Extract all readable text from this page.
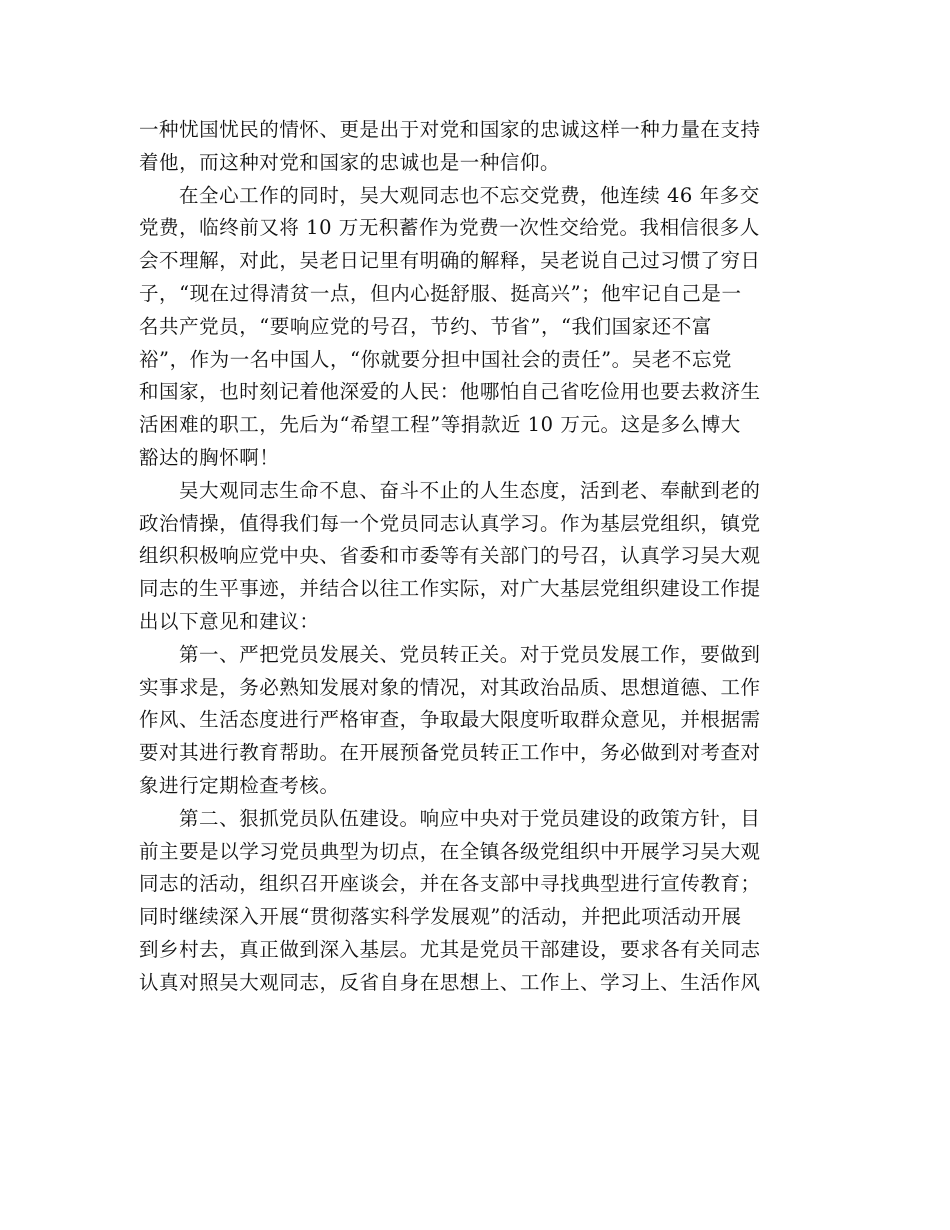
一种忧国忧民的情怀、更是出于对党和国家的忠诚这样一种力量在支持
着他，而这种对党和国家的忠诚也是一种信仰。
在全心工作的同时，吴大观同志也不忘交党费，他连续 46 年多交
党费，临终前又将 10 万无积蓄作为党费一次性交给党。我相信很多人
会不理解，对此，吴老日记里有明确的解释，吴老说自己过习惯了穷日
子，“现在过得清贫一点，但内心挺舒服、挺高兴”；他牢记自己是一
名共产党员，“要响应党的号召，节约、节省”，“我们国家还不富
裕”，作为一名中国人，“你就要分担中国社会的责任”。吴老不忘党
和国家，也时刻记着他深爱的人民：他哪怕自己省吃俭用也要去救济生
活困难的职工，先后为“希望工程”等捐款近 10 万元。这是多么博大
豁达的胸怀啊！
吴大观同志生命不息、奋斗不止的人生态度，活到老、奉献到老的
政治情操，值得我们每一个党员同志认真学习。作为基层党组织，镇党
组织积极响应党中央、省委和市委等有关部门的号召，认真学习吴大观
同志的生平事迹，并结合以往工作实际，对广大基层党组织建设工作提
出以下意见和建议：
第一、严把党员发展关、党员转正关。对于党员发展工作，要做到
实事求是，务必熟知发展对象的情况，对其政治品质、思想道德、工作
作风、生活态度进行严格审查，争取最大限度听取群众意见，并根据需
要对其进行教育帮助。在开展预备党员转正工作中，务必做到对考查对
象进行定期检查考核。
第二、狠抓党员队伍建设。响应中央对于党员建设的政策方针，目
前主要是以学习党员典型为切点，在全镇各级党组织中开展学习吴大观
同志的活动，组织召开座谈会，并在各支部中寻找典型进行宣传教育；
同时继续深入开展“贯彻落实科学发展观”的活动，并把此项活动开展
到乡村去，真正做到深入基层。尤其是党员干部建设，要求各有关同志
认真对照吴大观同志，反省自身在思想上、工作上、学习上、生活作风
